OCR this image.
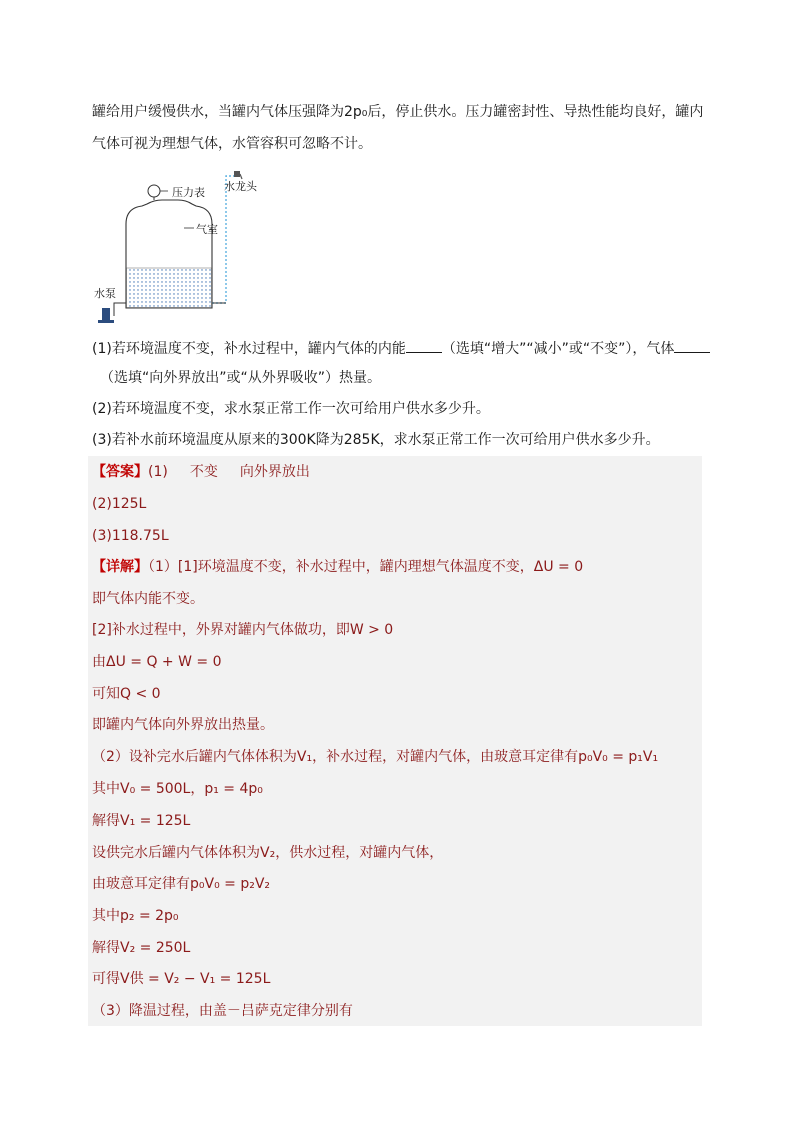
罐给用户缓慢供水，当罐内气体压强降为2p₀后，停止供水。压力罐密封性、导热性能均良好，罐内
气体可视为理想气体，水管容积可忽略不计。
压力表 水龙头
气室
水泵
(1)若环境温度不变，补水过程中，罐内气体的内能	（选填“增大”“减小”或“不变”），气体
（选填“向外界放出”或“从外界吸收”）热量。
(2)若环境温度不变，求水泵正常工作一次可给用户供水多少升。
(3)若补水前环境温度从原来的300K降为285K，求水泵正常工作一次可给用户供水多少升。
【答案】(1) 不变 向外界放出
(2)125L
(3)118.75L
【详解】（1）[1]环境温度不变，补水过程中，罐内理想气体温度不变，ΔU = 0
即气体内能不变。
[2]补水过程中，外界对罐内气体做功，即W > 0
由ΔU = Q + W = 0
可知Q < 0
即罐内气体向外界放出热量。
（2）设补完水后罐内气体体积为V₁，补水过程，对罐内气体，由玻意耳定律有p₀V₀ = p₁V₁
其中V₀ = 500L，p₁ = 4p₀
解得V₁ = 125L
设供完水后罐内气体体积为V₂，供水过程，对罐内气体，
由玻意耳定律有p₀V₀ = p₂V₂
其中p₂ = 2p₀
解得V₂ = 250L
可得V供 = V₂ − V₁ = 125L
（3）降温过程，由盖－吕萨克定律分别有
